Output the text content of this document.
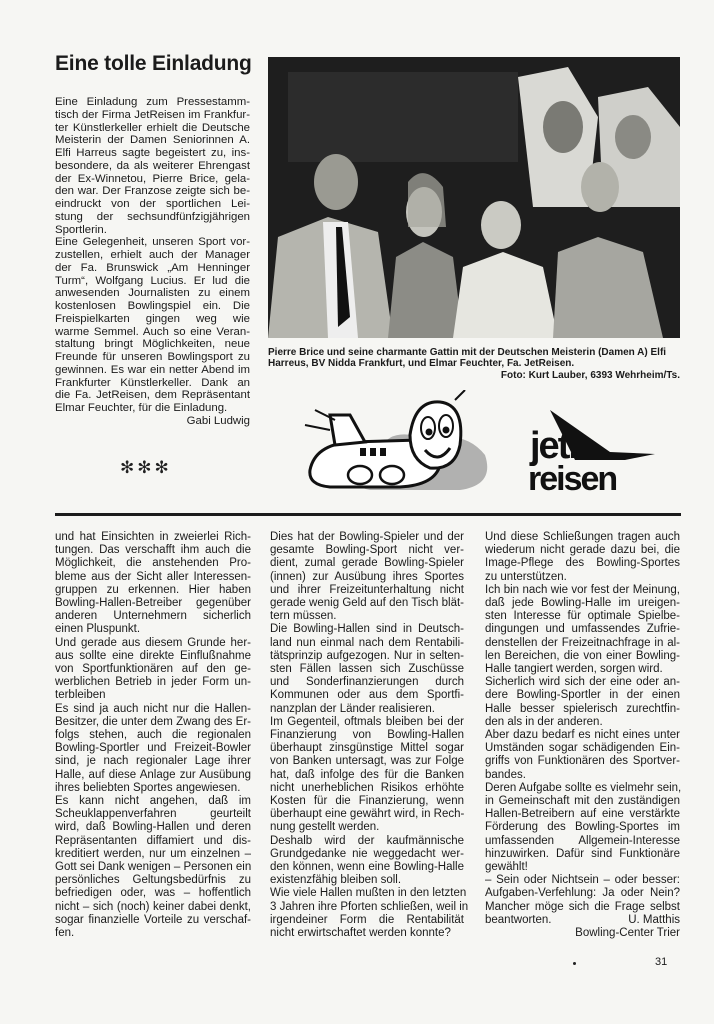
Eine tolle Einladung
Eine Einladung zum Pressestamm-
tisch der Firma JetReisen im Frankfur-
ter Künstlerkeller erhielt die Deutsche
Meisterin der Damen Seniorinnen A.
Elfi Harreus sagte begeistert zu, ins-
besondere, da als weiterer Ehrengast
der Ex-Winnetou, Pierre Brice, gela-
den war. Der Franzose zeigte sich be-
eindruckt von der sportlichen Lei-
stung der sechsundfünfzigjährigen
Sportlerin.
Eine Gelegenheit, unseren Sport vor-
zustellen, erhielt auch der Manager
der Fa. Brunswick „Am Henninger
Turm“, Wolfgang Lucius. Er lud die
anwesenden Journalisten zu einem
kostenlosen Bowlingspiel ein. Die
Freispielkarten gingen weg wie
warme Semmel. Auch so eine Veran-
staltung bringt Möglichkeiten, neue
Freunde für unseren Bowlingsport zu
gewinnen. Es war ein netter Abend im
Frankfurter Künstlerkeller. Dank an
die Fa. JetReisen, dem Repräsentant
Elmar Feuchter, für die Einladung.
Gabi Ludwig
Pierre Brice und seine charmante Gattin mit der Deutschen Meisterin (Damen A) Elfi
Harreus, BV Nidda Frankfurt, und Elmar Feuchter, Fa. JetReisen.
Foto: Kurt Lauber, 6393 Wehrheim/Ts.
jet.
reisen
✻✻✻
und hat Einsichten in zweierlei Rich-
tungen. Das verschafft ihm auch die
Möglichkeit, die anstehenden Pro-
bleme aus der Sicht aller Interessen-
gruppen zu erkennen. Hier haben
Bowling-Hallen-Betreiber gegenüber
anderen Unternehmern sicherlich
einen Pluspunkt.
Und gerade aus diesem Grunde her-
aus sollte eine direkte Einflußnahme
von Sportfunktionären auf den ge-
werblichen Betrieb in jeder Form un-
terbleiben
Es sind ja auch nicht nur die Hallen-
Besitzer, die unter dem Zwang des Er-
folgs stehen, auch die regionalen
Bowling-Sportler und Freizeit-Bowler
sind, je nach regionaler Lage ihrer
Halle, auf diese Anlage zur Ausübung
ihres beliebten Sportes angewiesen.
Es kann nicht angehen, daß im
Scheuklappenverfahren geurteilt
wird, daß Bowling-Hallen und deren
Repräsentanten diffamiert und dis-
kreditiert werden, nur um einzelnen –
Gott sei Dank wenigen – Personen ein
persönliches Geltungsbedürfnis zu
befriedigen oder, was – hoffentlich
nicht – sich (noch) keiner dabei denkt,
sogar finanzielle Vorteile zu verschaf-
fen.
Dies hat der Bowling-Spieler und der
gesamte Bowling-Sport nicht ver-
dient, zumal gerade Bowling-Spieler
(innen) zur Ausübung ihres Sportes
und ihrer Freizeitunterhaltung nicht
gerade wenig Geld auf den Tisch blät-
tern müssen.
Die Bowling-Hallen sind in Deutsch-
land nun einmal nach dem Rentabili-
tätsprinzip aufgezogen. Nur in selten-
sten Fällen lassen sich Zuschüsse
und Sonderfinanzierungen durch
Kommunen oder aus dem Sportfi-
nanzplan der Länder realisieren.
Im Gegenteil, oftmals bleiben bei der
Finanzierung von Bowling-Hallen
überhaupt zinsgünstige Mittel sogar
von Banken untersagt, was zur Folge
hat, daß infolge des für die Banken
nicht unerheblichen Risikos erhöhte
Kosten für die Finanzierung, wenn
überhaupt eine gewährt wird, in Rech-
nung gestellt werden.
Deshalb wird der kaufmännische
Grundgedanke nie weggedacht wer-
den können, wenn eine Bowling-Halle
existenzfähig bleiben soll.
Wie viele Hallen mußten in den letzten
3 Jahren ihre Pforten schließen, weil in
irgendeiner Form die Rentabilität
nicht erwirtschaftet werden konnte?
Und diese Schließungen tragen auch
wiederum nicht gerade dazu bei, die
Image-Pflege des Bowling-Sportes
zu unterstützen.
Ich bin nach wie vor fest der Meinung,
daß jede Bowling-Halle im ureigen-
sten Interesse für optimale Spielbe-
dingungen und umfassendes Zufrie-
denstellen der Freizeitnachfrage in al-
len Bereichen, die von einer Bowling-
Halle tangiert werden, sorgen wird.
Sicherlich wird sich der eine oder an-
dere Bowling-Sportler in der einen
Halle besser spielerisch zurechtfin-
den als in der anderen.
Aber dazu bedarf es nicht eines unter
Umständen sogar schädigenden Ein-
griffs von Funktionären des Sportver-
bandes.
Deren Aufgabe sollte es vielmehr sein,
in Gemeinschaft mit den zuständigen
Hallen-Betreibern auf eine verstärkte
Förderung des Bowling-Sportes im
umfassenden Allgemein-Interesse
hinzuwirken. Dafür sind Funktionäre
gewählt!
– Sein oder Nichtsein – oder besser:
Aufgaben-Verfehlung: Ja oder Nein?
Mancher möge sich die Frage selbst
beantworten.	U. Matthis
Bowling-Center Trier
31
